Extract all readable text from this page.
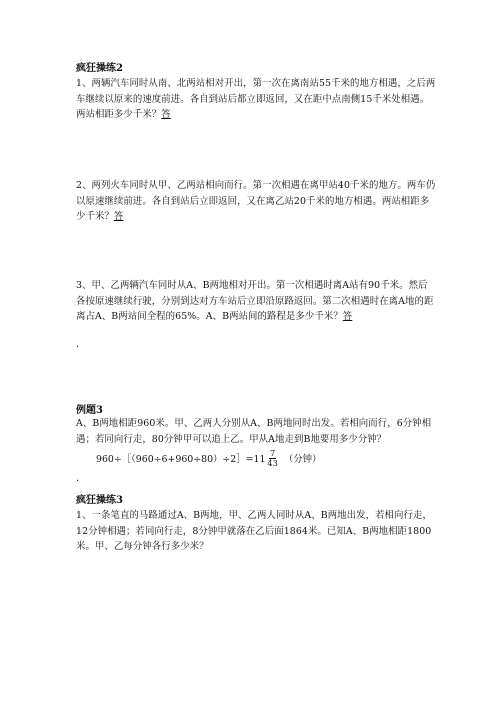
疯狂操练2
1、两辆汽车同时从南、北两站相对开出，第一次在离南站55千米的地方相遇，之后两车继续以原来的速度前进。各自到站后都立即返回，又在距中点南侧15千米处相遇。两站相距多少千米？答
2、两列火车同时从甲、乙两站相向而行。第一次相遇在离甲站40千米的地方。两车仍以原速继续前进。各自到站后立即返回，又在离乙站20千米的地方相遇。两站相距多少千米？答
3、甲、乙两辆汽车同时从A、B两地相对开出。第一次相遇时离A站有90千米。然后各按原速继续行驶，分别到达对方车站后立即沿原路返回。第二次相遇时在离A地的距离占A、B两站间全程的65%。A、B两站间的路程是多少千米？答
.
例题3
A、B两地相距960米。甲、乙两人分别从A、B两地同时出发。若相向而行，6分钟相遇；若同向行走，80分钟甲可以追上乙。甲从A地走到B地要用多少分钟？
960÷［（960÷6+960÷80）÷2］=11 $\frac{7}{43}$ （分钟）
.
疯狂操练3
1、一条笔直的马路通过A、B两地，甲、乙两人同时从A、B两地出发，若相向行走，12分钟相遇；若同向行走，8分钟甲就落在乙后面1864米。已知A、B两地相距1800米。甲、乙每分钟各行多少米？
